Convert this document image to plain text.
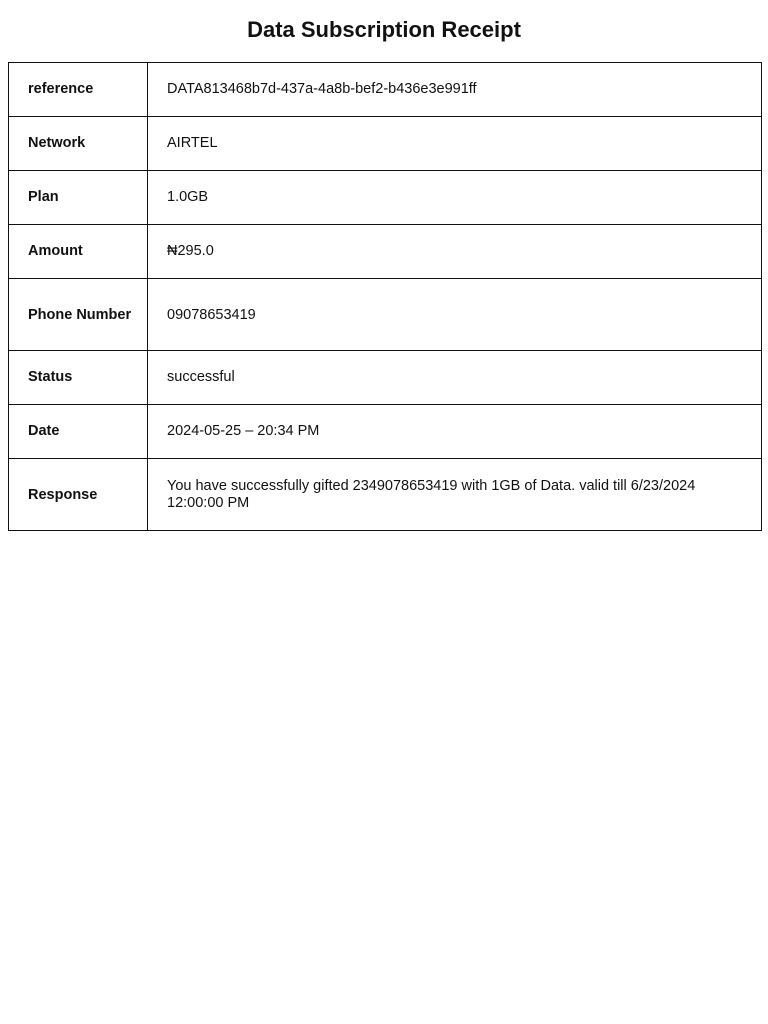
Data Subscription Receipt
reference	DATA813468b7d-437a-4a8b-bef2-b436e3e991ff
Network	AIRTEL
Plan	1.0GB
Amount	₦295.0
Phone Number	09078653419
Status	successful
Date	2024-05-25 – 20:34 PM
Response	You have successfully gifted 2349078653419 with 1GB of Data. valid till 6/23/2024 12:00:00 PM
